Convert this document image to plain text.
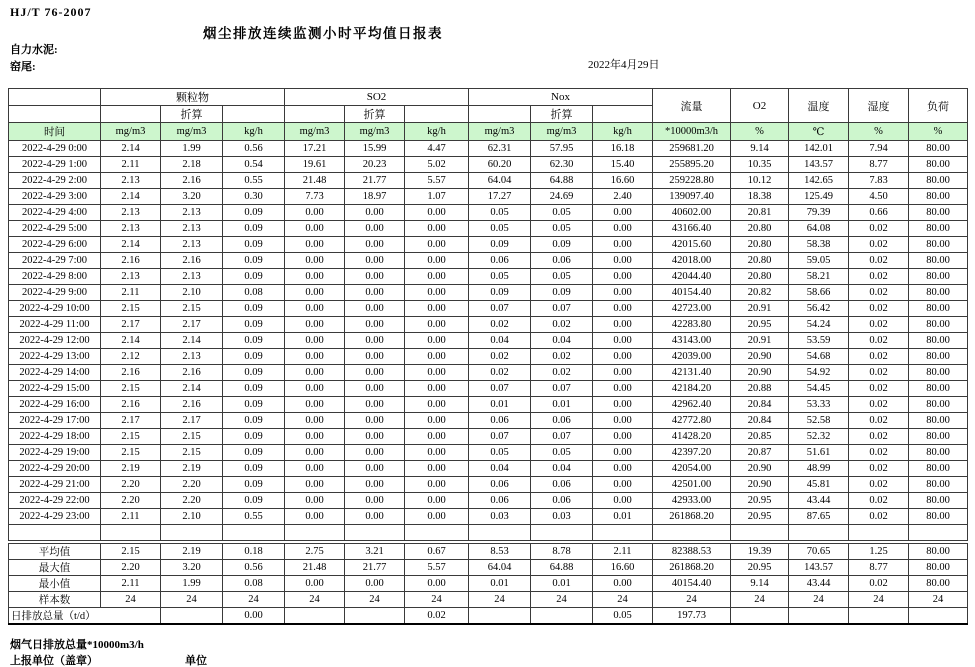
HJ/T 76-2007
烟尘排放连续监测小时平均值日报表
自力水泥:
窑尾:	2022年4月29日
	颗粒物			SO2			Nox			流量	O2	温度	湿度	负荷
		折算			折算			折算						
时间	mg/m3	mg/m3	kg/h	mg/m3	mg/m3	kg/h	mg/m3	mg/m3	kg/h	*10000m3/h	%	℃	%	%
2022-4-29 0:00	2.14	1.99	0.56	17.21	15.99	4.47	62.31	57.95	16.18	259681.20	9.14	142.01	7.94	80.00
2022-4-29 1:00	2.11	2.18	0.54	19.61	20.23	5.02	60.20	62.30	15.40	255895.20	10.35	143.57	8.77	80.00
2022-4-29 2:00	2.13	2.16	0.55	21.48	21.77	5.57	64.04	64.88	16.60	259228.80	10.12	142.65	7.83	80.00
2022-4-29 3:00	2.14	3.20	0.30	7.73	18.97	1.07	17.27	24.69	2.40	139097.40	18.38	125.49	4.50	80.00
2022-4-29 4:00	2.13	2.13	0.09	0.00	0.00	0.00	0.05	0.05	0.00	40602.00	20.81	79.39	0.66	80.00
2022-4-29 5:00	2.13	2.13	0.09	0.00	0.00	0.00	0.05	0.05	0.00	43166.40	20.80	64.08	0.02	80.00
2022-4-29 6:00	2.14	2.13	0.09	0.00	0.00	0.00	0.09	0.09	0.00	42015.60	20.80	58.38	0.02	80.00
2022-4-29 7:00	2.16	2.16	0.09	0.00	0.00	0.00	0.06	0.06	0.00	42018.00	20.80	59.05	0.02	80.00
2022-4-29 8:00	2.13	2.13	0.09	0.00	0.00	0.00	0.05	0.05	0.00	42044.40	20.80	58.21	0.02	80.00
2022-4-29 9:00	2.11	2.10	0.08	0.00	0.00	0.00	0.09	0.09	0.00	40154.40	20.82	58.66	0.02	80.00
2022-4-29 10:00	2.15	2.15	0.09	0.00	0.00	0.00	0.07	0.07	0.00	42723.00	20.91	56.42	0.02	80.00
2022-4-29 11:00	2.17	2.17	0.09	0.00	0.00	0.00	0.02	0.02	0.00	42283.80	20.95	54.24	0.02	80.00
2022-4-29 12:00	2.14	2.14	0.09	0.00	0.00	0.00	0.04	0.04	0.00	43143.00	20.91	53.59	0.02	80.00
2022-4-29 13:00	2.12	2.13	0.09	0.00	0.00	0.00	0.02	0.02	0.00	42039.00	20.90	54.68	0.02	80.00
2022-4-29 14:00	2.16	2.16	0.09	0.00	0.00	0.00	0.02	0.02	0.00	42131.40	20.90	54.92	0.02	80.00
2022-4-29 15:00	2.15	2.14	0.09	0.00	0.00	0.00	0.07	0.07	0.00	42184.20	20.88	54.45	0.02	80.00
2022-4-29 16:00	2.16	2.16	0.09	0.00	0.00	0.00	0.01	0.01	0.00	42962.40	20.84	53.33	0.02	80.00
2022-4-29 17:00	2.17	2.17	0.09	0.00	0.00	0.00	0.06	0.06	0.00	42772.80	20.84	52.58	0.02	80.00
2022-4-29 18:00	2.15	2.15	0.09	0.00	0.00	0.00	0.07	0.07	0.00	41428.20	20.85	52.32	0.02	80.00
2022-4-29 19:00	2.15	2.15	0.09	0.00	0.00	0.00	0.05	0.05	0.00	42397.20	20.87	51.61	0.02	80.00
2022-4-29 20:00	2.19	2.19	0.09	0.00	0.00	0.00	0.04	0.04	0.00	42054.00	20.90	48.99	0.02	80.00
2022-4-29 21:00	2.20	2.20	0.09	0.00	0.00	0.00	0.06	0.06	0.00	42501.00	20.90	45.81	0.02	80.00
2022-4-29 22:00	2.20	2.20	0.09	0.00	0.00	0.00	0.06	0.06	0.00	42933.00	20.95	43.44	0.02	80.00
2022-4-29 23:00	2.11	2.10	0.55	0.00	0.00	0.00	0.03	0.03	0.01	261868.20	20.95	87.65	0.02	80.00

平均值	2.15	2.19	0.18	2.75	3.21	0.67	8.53	8.78	2.11	82388.53	19.39	70.65	1.25	80.00
最大值	2.20	3.20	0.56	21.48	21.77	5.57	64.04	64.88	16.60	261868.20	20.95	143.57	8.77	80.00
最小值	2.11	1.99	0.08	0.00	0.00	0.00	0.01	0.01	0.00	40154.40	9.14	43.44	0.02	80.00
样本数	24	24	24	24	24	24	24	24	24	24	24	24	24	24
日排放总量（t/d）			0.00			0.02			0.05	197.73				
烟气日排放总量*10000m3/h
上报单位（盖章）	单位
